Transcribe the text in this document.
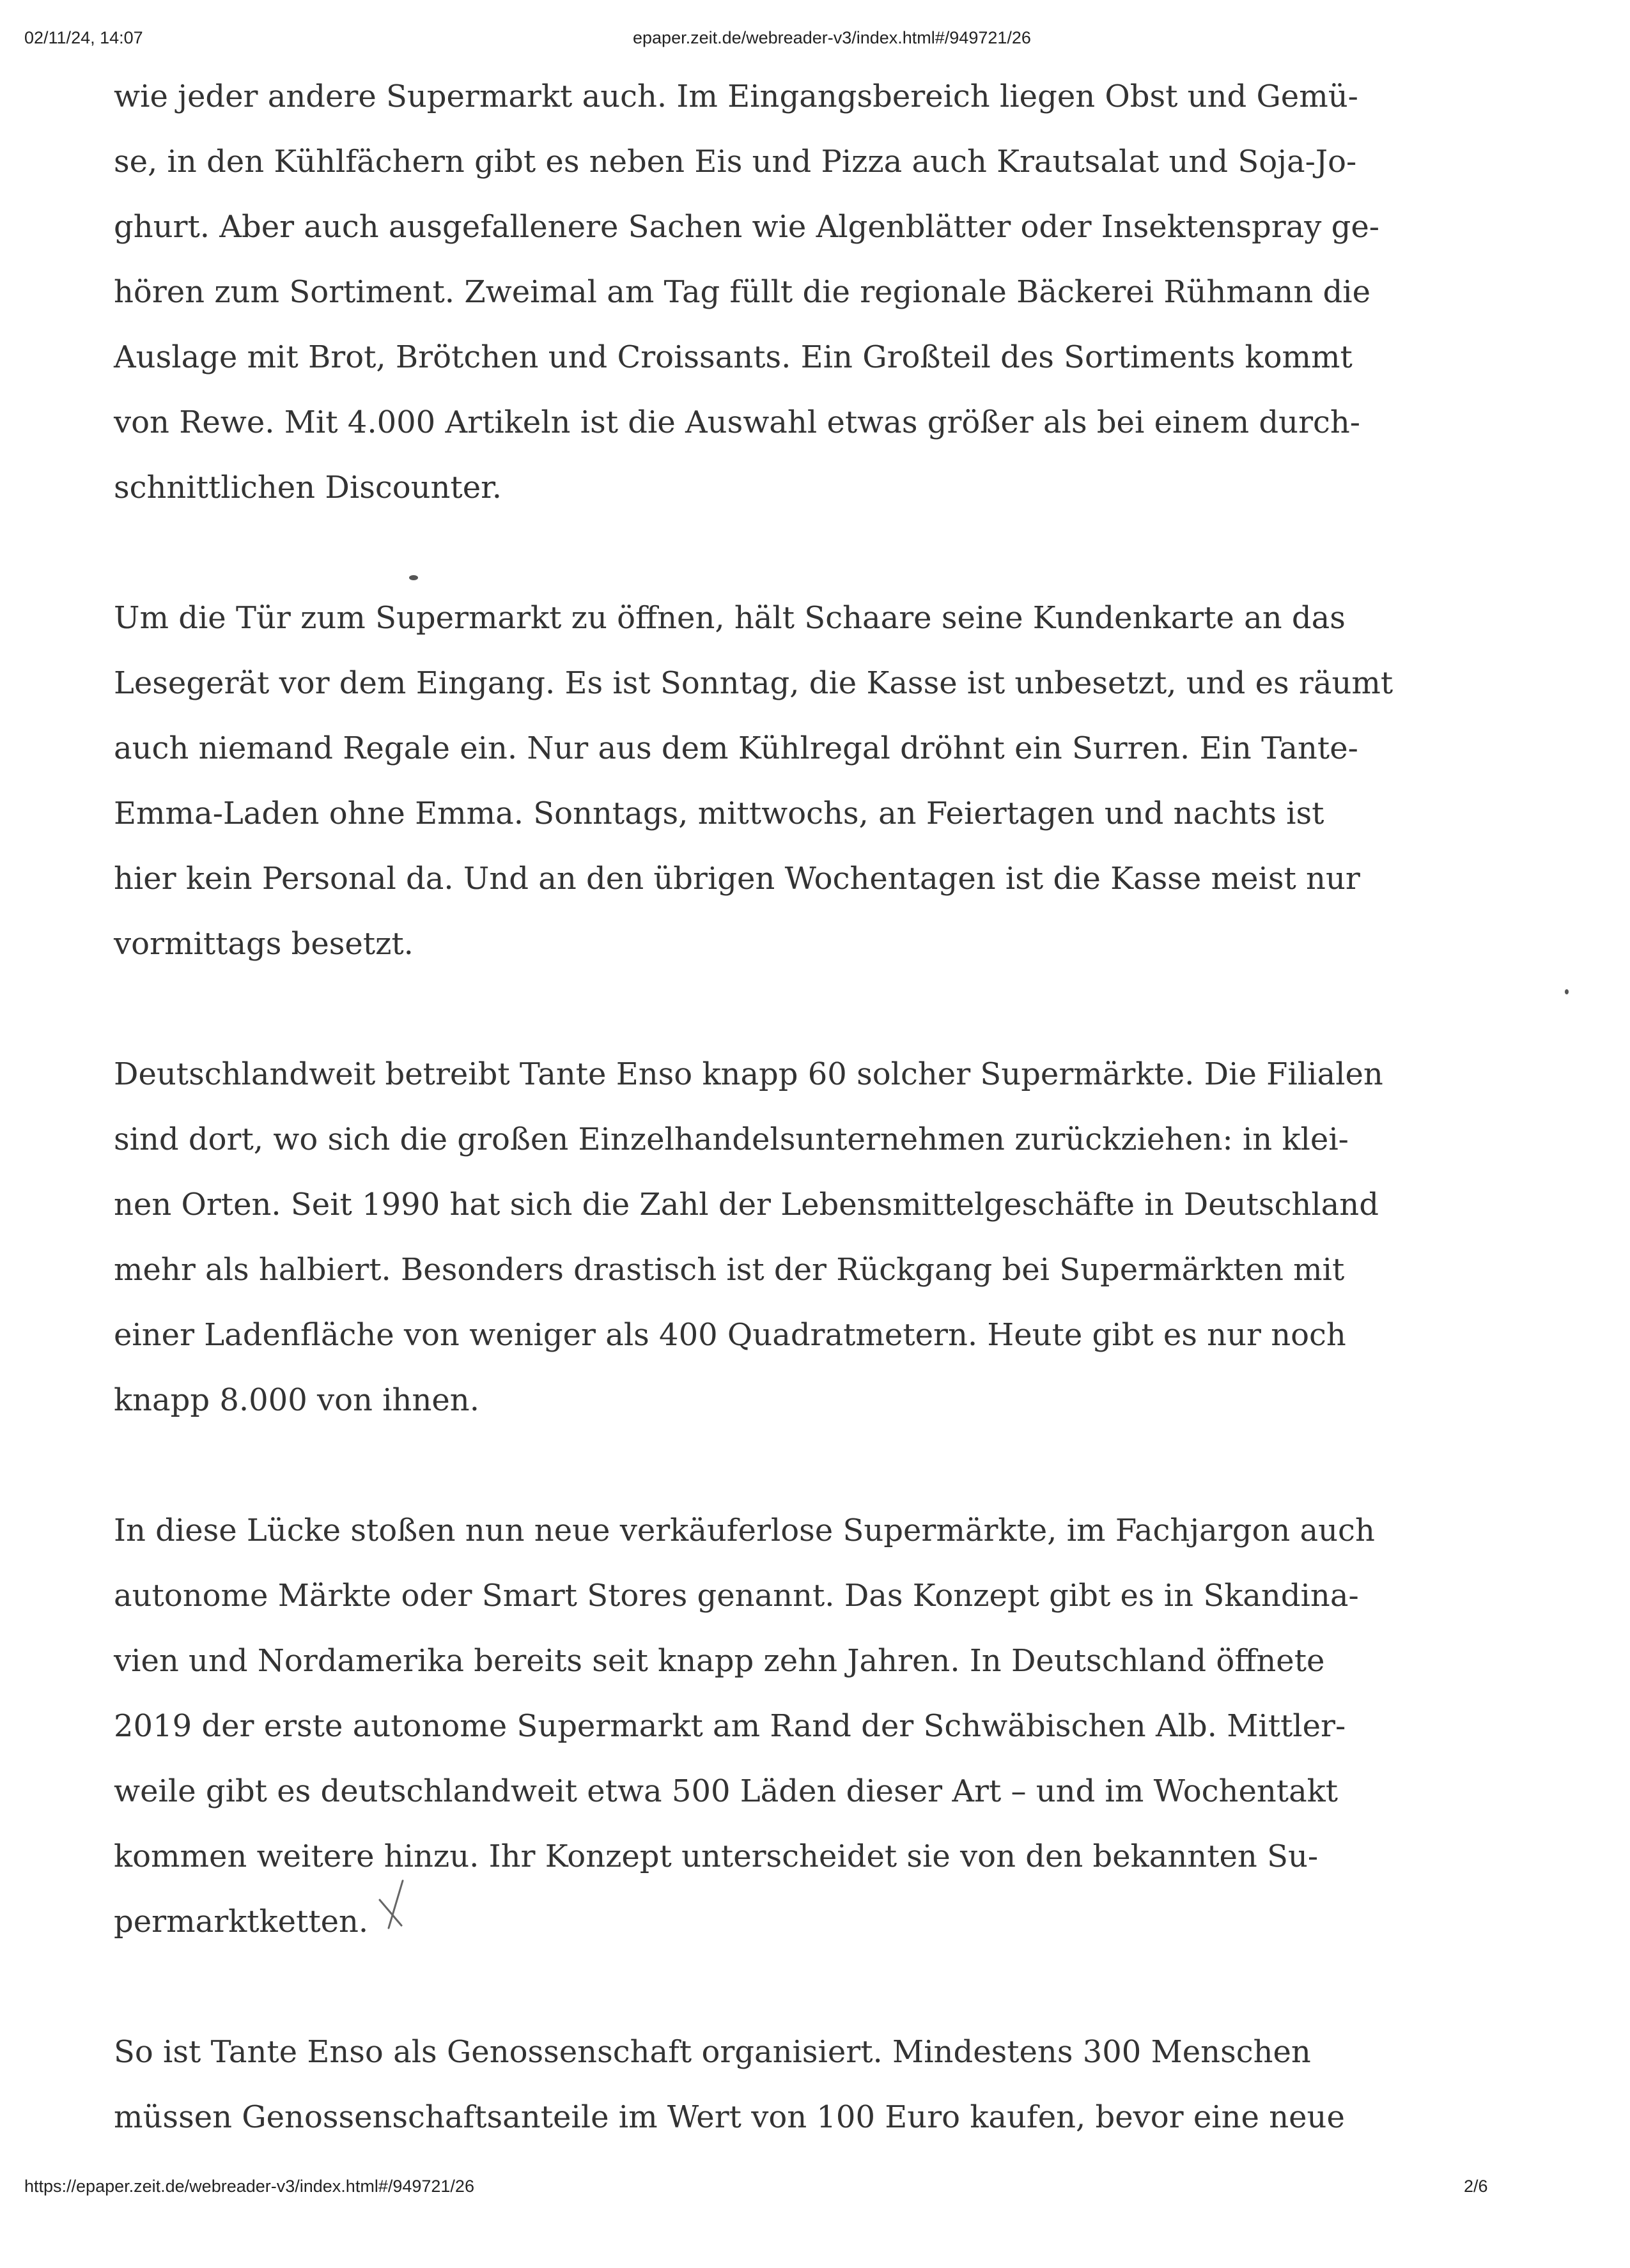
02/11/24, 14:07	epaper.zeit.de/webreader-v3/index.html#/949721/26

wie jeder andere Supermarkt auch. Im Eingangsbereich liegen Obst und Gemü-
se, in den Kühlfächern gibt es neben Eis und Pizza auch Krautsalat und Soja-Jo-
ghurt. Aber auch ausgefallenere Sachen wie Algenblätter oder Insektenspray ge-
hören zum Sortiment. Zweimal am Tag füllt die regionale Bäckerei Rühmann die
Auslage mit Brot, Brötchen und Croissants. Ein Großteil des Sortiments kommt
von Rewe. Mit 4.000 Artikeln ist die Auswahl etwas größer als bei einem durch-
schnittlichen Discounter.

Um die Tür zum Supermarkt zu öffnen, hält Schaare seine Kundenkarte an das
Lesegerät vor dem Eingang. Es ist Sonntag, die Kasse ist unbesetzt, und es räumt
auch niemand Regale ein. Nur aus dem Kühlregal dröhnt ein Surren. Ein Tante-
Emma-Laden ohne Emma. Sonntags, mittwochs, an Feiertagen und nachts ist
hier kein Personal da. Und an den übrigen Wochentagen ist die Kasse meist nur
vormittags besetzt.

Deutschlandweit betreibt Tante Enso knapp 60 solcher Supermärkte. Die Filialen
sind dort, wo sich die großen Einzelhandelsunternehmen zurückziehen: in klei-
nen Orten. Seit 1990 hat sich die Zahl der Lebensmittelgeschäfte in Deutschland
mehr als halbiert. Besonders drastisch ist der Rückgang bei Supermärkten mit
einer Ladenfläche von weniger als 400 Quadratmetern. Heute gibt es nur noch
knapp 8.000 von ihnen.

In diese Lücke stoßen nun neue verkäuferlose Supermärkte, im Fachjargon auch
autonome Märkte oder Smart Stores genannt. Das Konzept gibt es in Skandina-
vien und Nordamerika bereits seit knapp zehn Jahren. In Deutschland öffnete
2019 der erste autonome Supermarkt am Rand der Schwäbischen Alb. Mittler-
weile gibt es deutschlandweit etwa 500 Läden dieser Art – und im Wochentakt
kommen weitere hinzu. Ihr Konzept unterscheidet sie von den bekannten Su-
permarktketten.

So ist Tante Enso als Genossenschaft organisiert. Mindestens 300 Menschen
müssen Genossenschaftsanteile im Wert von 100 Euro kaufen, bevor eine neue

https://epaper.zeit.de/webreader-v3/index.html#/949721/26	2/6
